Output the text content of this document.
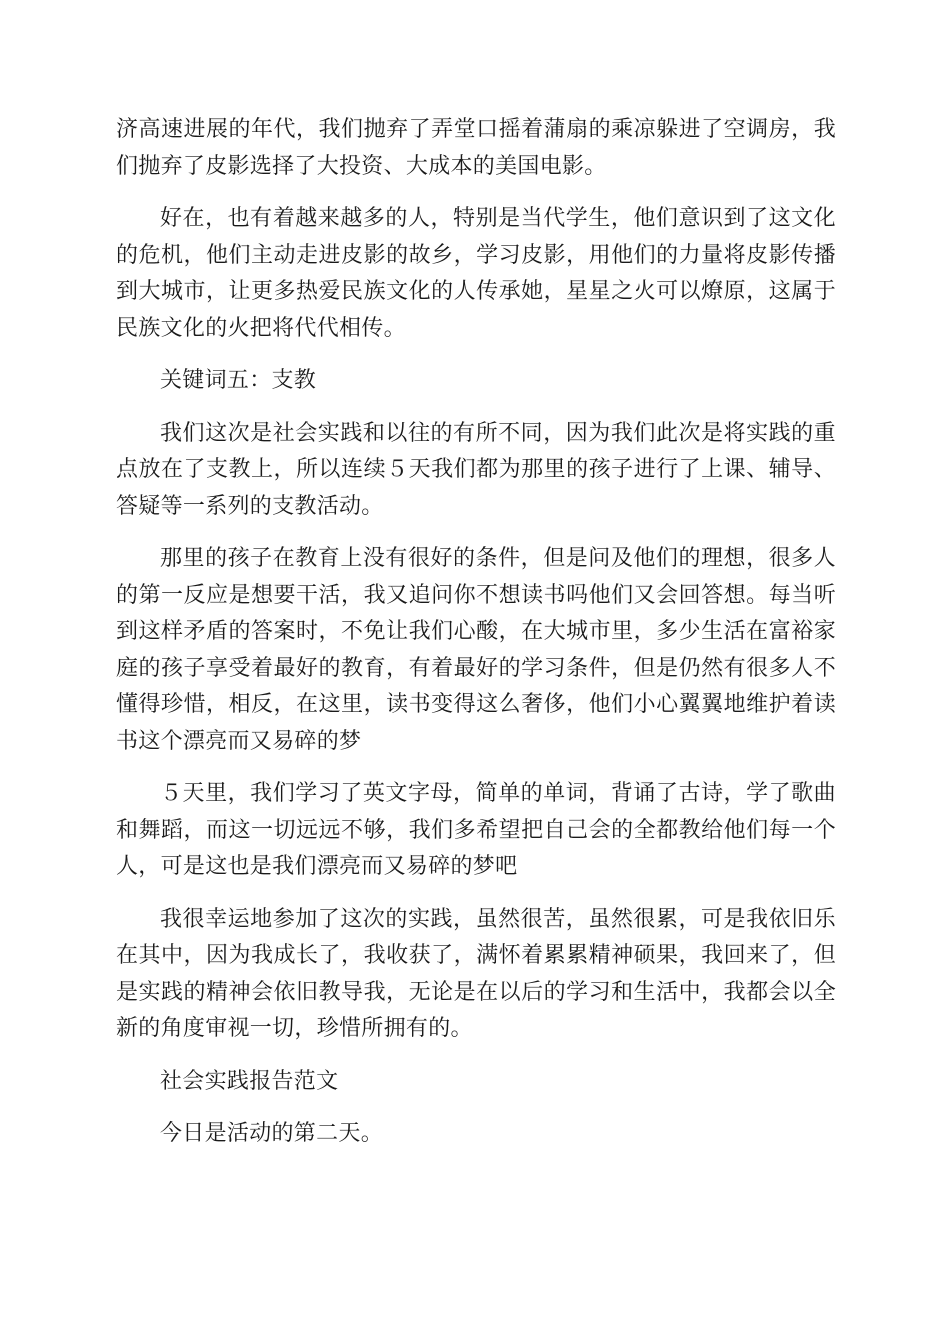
济高速进展的年代，我们抛弃了弄堂口摇着蒲扇的乘凉躲进了空调房，我们抛弃了皮影选择了大投资、大成本的美国电影。

好在，也有着越来越多的人，特别是当代学生，他们意识到了这文化的危机，他们主动走进皮影的故乡，学习皮影，用他们的力量将皮影传播到大城市，让更多热爱民族文化的人传承她，星星之火可以燎原，这属于民族文化的火把将代代相传。

关键词五：支教

我们这次是社会实践和以往的有所不同，因为我们此次是将实践的重点放在了支教上，所以连续５天我们都为那里的孩子进行了上课、辅导、答疑等一系列的支教活动。

那里的孩子在教育上没有很好的条件，但是问及他们的理想，很多人的第一反应是想要干活，我又追问你不想读书吗他们又会回答想。每当听到这样矛盾的答案时，不免让我们心酸，在大城市里，多少生活在富裕家庭的孩子享受着最好的教育，有着最好的学习条件，但是仍然有很多人不懂得珍惜，相反，在这里，读书变得这么奢侈，他们小心翼翼地维护着读书这个漂亮而又易碎的梦

５天里，我们学习了英文字母，简单的单词，背诵了古诗，学了歌曲和舞蹈，而这一切远远不够，我们多希望把自己会的全都教给他们每一个人，可是这也是我们漂亮而又易碎的梦吧

我很幸运地参加了这次的实践，虽然很苦，虽然很累，可是我依旧乐在其中，因为我成长了，我收获了，满怀着累累精神硕果，我回来了，但是实践的精神会依旧教导我，无论是在以后的学习和生活中，我都会以全新的角度审视一切，珍惜所拥有的。

社会实践报告范文

今日是活动的第二天。
